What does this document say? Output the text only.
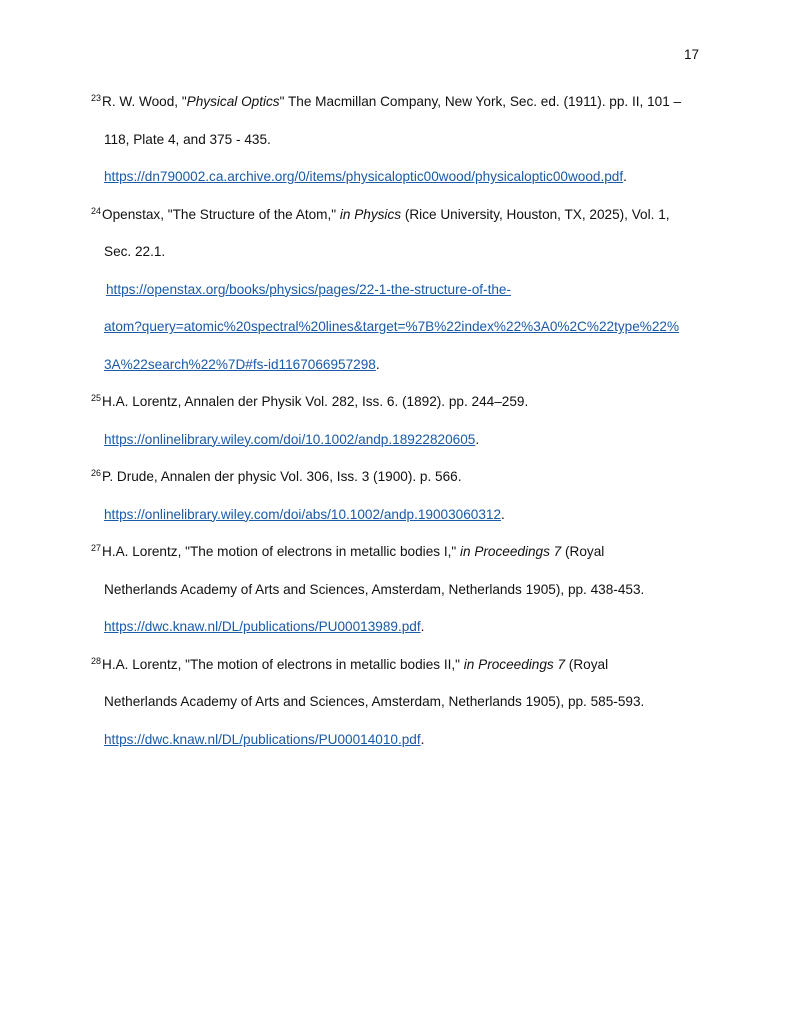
17
$^{23}$R. W. Wood, "Physical Optics" The Macmillan Company, New York, Sec. ed. (1911). pp. II, 101 –
118, Plate 4, and 375 - 435.
https://dn790002.ca.archive.org/0/items/physicaloptic00wood/physicaloptic00wood.pdf.
$^{24}$Openstax, "The Structure of the Atom," in Physics (Rice University, Houston, TX, 2025), Vol. 1,
Sec. 22.1.
https://openstax.org/books/physics/pages/22-1-the-structure-of-the-
atom?query=atomic%20spectral%20lines&target=%7B%22index%22%3A0%2C%22type%22%
3A%22search%22%7D#fs-id1167066957298.
$^{25}$H.A. Lorentz, Annalen der Physik Vol. 282, Iss. 6. (1892). pp. 244–259.
https://onlinelibrary.wiley.com/doi/10.1002/andp.18922820605.
$^{26}$P. Drude, Annalen der physic Vol. 306, Iss. 3 (1900). p. 566.
https://onlinelibrary.wiley.com/doi/abs/10.1002/andp.19003060312.
$^{27}$H.A. Lorentz, "The motion of electrons in metallic bodies I," in Proceedings 7 (Royal
Netherlands Academy of Arts and Sciences, Amsterdam, Netherlands 1905), pp. 438-453.
https://dwc.knaw.nl/DL/publications/PU00013989.pdf.
$^{28}$H.A. Lorentz, "The motion of electrons in metallic bodies II," in Proceedings 7 (Royal
Netherlands Academy of Arts and Sciences, Amsterdam, Netherlands 1905), pp. 585-593.
https://dwc.knaw.nl/DL/publications/PU00014010.pdf.
